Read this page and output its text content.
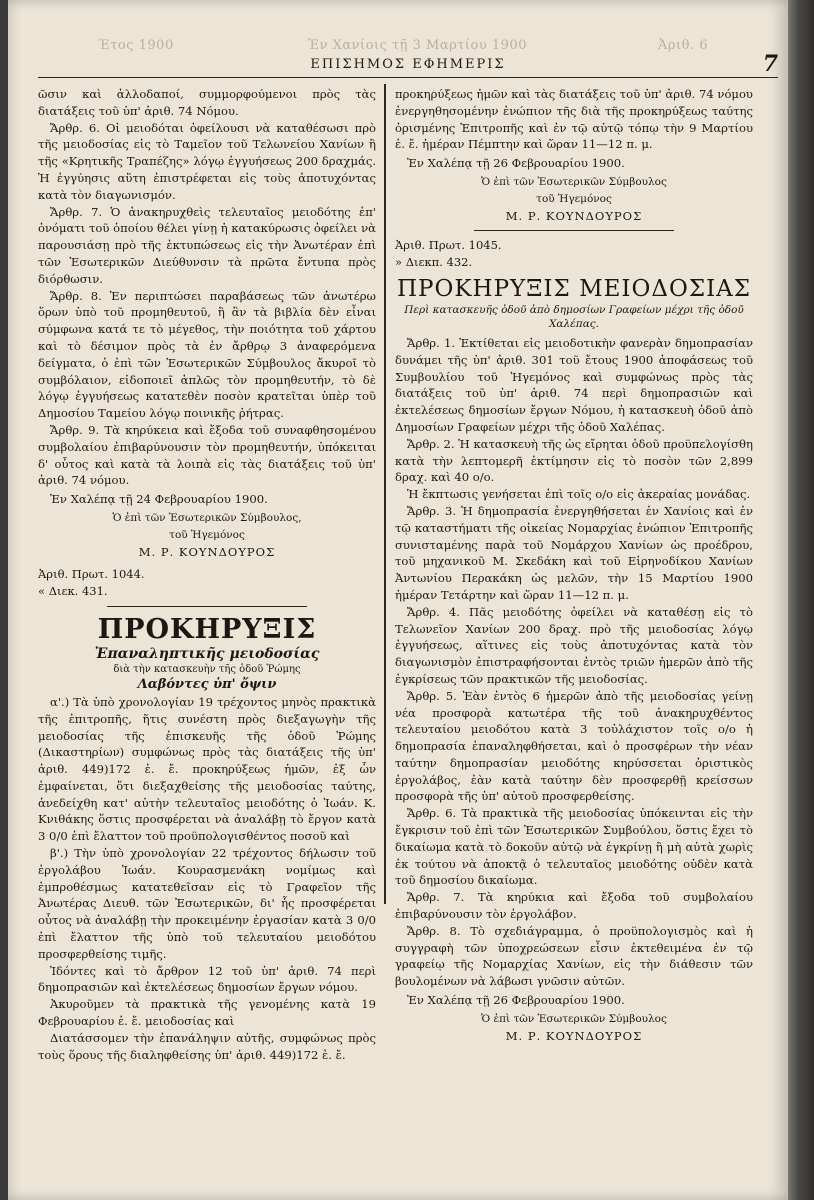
Έτος 1900	Ἐν Χανίοις τῇ 3 Μαρτίου 1900	Ἀριθ. 6
ΕΠΙΣΗΜΟΣ ΕΦΗΜΕΡΙΣ	7

ῶσιν καὶ ἀλλοδαποί, συμμορφούμενοι πρὸς τὰς διατάξεις τοῦ ὑπ' ἀριθ. 74 Νόμου.

Ἄρθρ. 6. Οἱ μειοδόται ὀφείλουσι νὰ καταθέσωσι πρὸ τῆς μειοδοσίας εἰς τὸ Ταμεῖον τοῦ Τελωνείου Χανίων ἢ τῆς «Κρητικῆς Τραπέζης» λόγῳ ἐγγυήσεως 200 δραχμάς. Ἡ ἐγγύησις αὕτη ἐπιστρέφεται εἰς τοὺς ἀποτυχόντας κατὰ τὸν διαγωνισμόν.

Ἄρθρ. 7. Ὁ ἀνακηρυχθεὶς τελευταῖος μειοδότης ἐπ' ὀνόματι τοῦ ὁποίου θέλει γίνῃ ἡ κατακύρωσις ὀφείλει νὰ παρουσιάσῃ πρὸ τῆς ἐκτυπώσεως εἰς τὴν Ἀνωτέραν ἐπὶ τῶν Ἐσωτερικῶν Διεύθυνσιν τὰ πρῶτα ἔντυπα πρὸς διόρθωσιν.

Ἄρθρ. 8. Ἐν περιπτώσει παραβάσεως τῶν ἀνωτέρω ὅρων ὑπὸ τοῦ προμηθευτοῦ, ἢ ἂν τὰ βιβλία δὲν εἶναι σύμφωνα κατά τε τὸ μέγεθος, τὴν ποιότητα τοῦ χάρτου καὶ τὸ δέσιμον πρὸς τὰ ἐν ἄρθρῳ 3 ἀναφερόμενα δείγματα, ὁ ἐπὶ τῶν Ἐσωτερικῶν Σύμβουλος ἄκυροῖ τὸ συμβόλαιον, εἰδοποιεῖ ἁπλῶς τὸν προμηθευτήν, τὸ δὲ λόγῳ ἐγγυήσεως κατατεθὲν ποσὸν κρατεῖται ὑπὲρ τοῦ Δημοσίου Ταμείου λόγῳ ποινικῆς ῥήτρας.

Ἄρθρ. 9. Τὰ κηρύκεια καὶ ἔξοδα τοῦ συναφθησομένου συμβολαίου ἐπιβαρύνουσιν τὸν προμηθευτήν, ὑπόκειται δ' οὗτος καὶ κατὰ τὰ λοιπὰ εἰς τὰς διατάξεις τοῦ ὑπ' ἀριθ. 74 νόμου.

Ἐν Χαλέπᾳ τῇ 24 Φεβρουαρίου 1900.

Ὁ ἐπὶ τῶν Ἐσωτερικῶν Σύμβουλος,
τοῦ Ἡγεμόνος
Μ. Ρ. ΚΟΥΝΔΟΥΡΟΣ
Ἀριθ. Πρωτ. 1044.
« Διεκ. 431.
ΠΡΟΚΗΡΥΞΙΣ
Ἐπαναληπτικῆς μειοδοσίας
διὰ τὴν κατασκευὴν τῆς ὁδοῦ Ῥώμης
Λαβόντες ὑπ' ὄψιν

α'.) Τὰ ὑπὸ χρονολογίαν 19 τρέχοντος μηνὸς πρακτικὰ τῆς ἐπιτροπῆς, ἥτις συνέστη πρὸς διεξαγωγὴν τῆς μειοδοσίας τῆς ἐπισκευῆς τῆς ὁδοῦ Ῥώμης (Δικαστηρίων) συμφώνως πρὸς τὰς διατάξεις τῆς ὑπ' ἀριθ. 449)172 ἐ. ἔ. προκηρύξεως ἡμῶν, ἐξ ὧν ἐμφαίνεται, ὅτι διεξαχθείσης τῆς μειοδοσίας ταύτης, ἀνεδείχθη κατ' αὐτὴν τελευταῖος μειοδότης ὁ Ἰωάν. Κ. Κνιθάκης ὅστις προσφέρεται νὰ ἀναλάβῃ τὸ ἔργον κατὰ 3 0/0 ἐπὶ ἔλαττον τοῦ προϋπολογισθέντος ποσοῦ καὶ

β'.) Τὴν ὑπὸ χρονολογίαν 22 τρέχοντος δήλωσιν τοῦ ἐργολάβου Ἰωάν. Κουρασμενάκη νομίμως καὶ ἐμπροθέσμως κατατεθεῖσαν εἰς τὸ Γραφεῖον τῆς Ἀνωτέρας Διευθ. τῶν Ἐσωτερικῶν, δι' ἧς προσφέρεται οὗτος νὰ ἀναλάβῃ τὴν προκειμένην ἐργασίαν κατὰ 3 0/0 ἐπὶ ἔλαττον τῆς ὑπὸ τοῦ τελευταίου μειοδότου προσφερθείσης τιμῆς.

Ἰδόντες καὶ τὸ ἄρθρον 12 τοῦ ὑπ' ἀριθ. 74 περὶ δημοπρασιῶν καὶ ἐκτελέσεως δημοσίων ἔργων νόμου.

Ἀκυροῦμεν τὰ πρακτικὰ τῆς γενομένης κατὰ 19 Φεβρουαρίου ἐ. ἔ. μειοδοσίας καὶ

Διατάσσομεν τὴν ἐπανάληψιν αὐτῆς, συμφώνως πρὸς τοὺς ὅρους τῆς διαληφθείσης ὑπ' ἀριθ. 449)172 ἐ. ἔ.

προκηρύξεως ἡμῶν καὶ τὰς διατάξεις τοῦ ὑπ' ἀριθ. 74 νόμου ἐνεργηθησομένην ἐνώπιον τῆς διὰ τῆς προκηρύξεως ταύτης ὁρισμένης Ἐπιτροπῆς καὶ ἐν τῷ αὐτῷ τόπῳ τὴν 9 Μαρτίου ἐ. ἔ. ἡμέραν Πέμπτην καὶ ὥραν 11—12 π. μ.

Ἐν Χαλέπᾳ τῇ 26 Φεβρουαρίου 1900.

Ὁ ἐπὶ τῶν Ἐσωτερικῶν Σύμβουλος
τοῦ Ἡγεμόνος
Μ. Ρ. ΚΟΥΝΔΟΥΡΟΣ
Ἀριθ. Πρωτ. 1045.
» Διεκπ. 432.
ΠΡΟΚΗΡΥΞΙΣ ΜΕΙΟΔΟΣΙΑΣ
Περὶ κατασκευῆς ὁδοῦ ἀπὸ δημοσίων Γραφείων μέχρι τῆς ὁδοῦ Χαλέπας.

Ἄρθρ. 1. Ἐκτίθεται εἰς μειοδοτικὴν φανερὰν δημοπρασίαν δυνάμει τῆς ὑπ' ἀριθ. 301 τοῦ ἔτους 1900 ἀποφάσεως τοῦ Συμβουλίου τοῦ Ἡγεμόνος καὶ συμφώνως πρὸς τὰς διατάξεις τοῦ ὑπ' ἀριθ. 74 περὶ δημοπρασιῶν καὶ ἐκτελέσεως δημοσίων ἔργων Νόμου, ἡ κατασκευὴ ὁδοῦ ἀπὸ Δημοσίων Γραφείων μέχρι τῆς ὁδοῦ Χαλέπας.

Ἄρθρ. 2. Ἡ κατασκευὴ τῆς ὡς εἴρηται ὁδοῦ προϋπελογίσθη κατὰ τὴν λεπτομερῆ ἐκτίμησιν εἰς τὸ ποσὸν τῶν 2,899 δραχ. καὶ 40 ο/ο.

Ἡ ἔκπτωσις γενήσεται ἐπὶ τοῖς ο/ο εἰς ἀκεραίας μονάδας.

Ἄρθρ. 3. Ἡ δημοπρασία ἐνεργηθήσεται ἐν Χανίοις καὶ ἐν τῷ καταστήματι τῆς οἰκείας Νομαρχίας ἐνώπιον Ἐπιτροπῆς συνισταμένης παρὰ τοῦ Νομάρχου Χανίων ὡς προέδρου, τοῦ μηχανικοῦ Μ. Σκεδάκη καὶ τοῦ Εἰρηνοδίκου Χανίων Ἀντωνίου Περακάκη ὡς μελῶν, τὴν 15 Μαρτίου 1900 ἡμέραν Τετάρτην καὶ ὥραν 11—12 π. μ.

Ἄρθρ. 4. Πᾶς μειοδότης ὀφείλει νὰ καταθέσῃ εἰς τὸ Τελωνεῖον Χανίων 200 δραχ. πρὸ τῆς μειοδοσίας λόγῳ ἐγγυήσεως, αἵτινες εἰς τοὺς ἀποτυχόντας κατὰ τὸν διαγωνισμὸν ἐπιστραφήσονται ἐντὸς τριῶν ἡμερῶν ἀπὸ τῆς ἐγκρίσεως τῶν πρακτικῶν τῆς μειοδοσίας.

Ἄρθρ. 5. Ἐὰν ἐντὸς 6 ἡμερῶν ἀπὸ τῆς μειοδοσίας γείνῃ νέα προσφορὰ κατωτέρα τῆς τοῦ ἀνακηρυχθέντος τελευταίου μειοδότου κατὰ 3 τοὐλάχιστον τοῖς ο/ο ἡ δημοπρασία ἐπαναληφθήσεται, καὶ ὁ προσφέρων τὴν νέαν ταύτην δημοπρασίαν μειοδότης κηρύσσεται ὁριστικὸς ἐργολάβος, ἐὰν κατὰ ταύτην δὲν προσφερθῇ κρείσσων προσφορὰ τῆς ὑπ' αὐτοῦ προσφερθείσης.

Ἄρθρ. 6. Τὰ πρακτικὰ τῆς μειοδοσίας ὑπόκεινται εἰς τὴν ἔγκρισιν τοῦ ἐπὶ τῶν Ἐσωτερικῶν Συμβούλου, ὅστις ἔχει τὸ δικαίωμα κατὰ τὸ δοκοῦν αὐτῷ νὰ ἐγκρίνῃ ἢ μὴ αὐτὰ χωρὶς ἐκ τούτου νὰ ἀποκτᾷ ὁ τελευταῖος μειοδότης οὐδὲν κατὰ τοῦ δημοσίου δικαίωμα.

Ἄρθρ. 7. Τὰ κηρύκια καὶ ἔξοδα τοῦ συμβολαίου ἐπιβαρύνουσιν τὸν ἐργολάβον.

Ἄρθρ. 8. Τὸ σχεδιάγραμμα, ὁ προϋπολογισμὸς καὶ ἡ συγγραφὴ τῶν ὑποχρεώσεων εἶσιν ἐκτεθειμένα ἐν τῷ γραφείῳ τῆς Νομαρχίας Χανίων, εἰς τὴν διάθεσιν τῶν βουλομένων νὰ λάβωσι γνῶσιν αὐτῶν.

Ἐν Χαλέπᾳ τῇ 26 Φεβρουαρίου 1900.

Ὁ ἐπὶ τῶν Ἐσωτερικῶν Σύμβουλος
Μ. Ρ. ΚΟΥΝΔΟΥΡΟΣ
